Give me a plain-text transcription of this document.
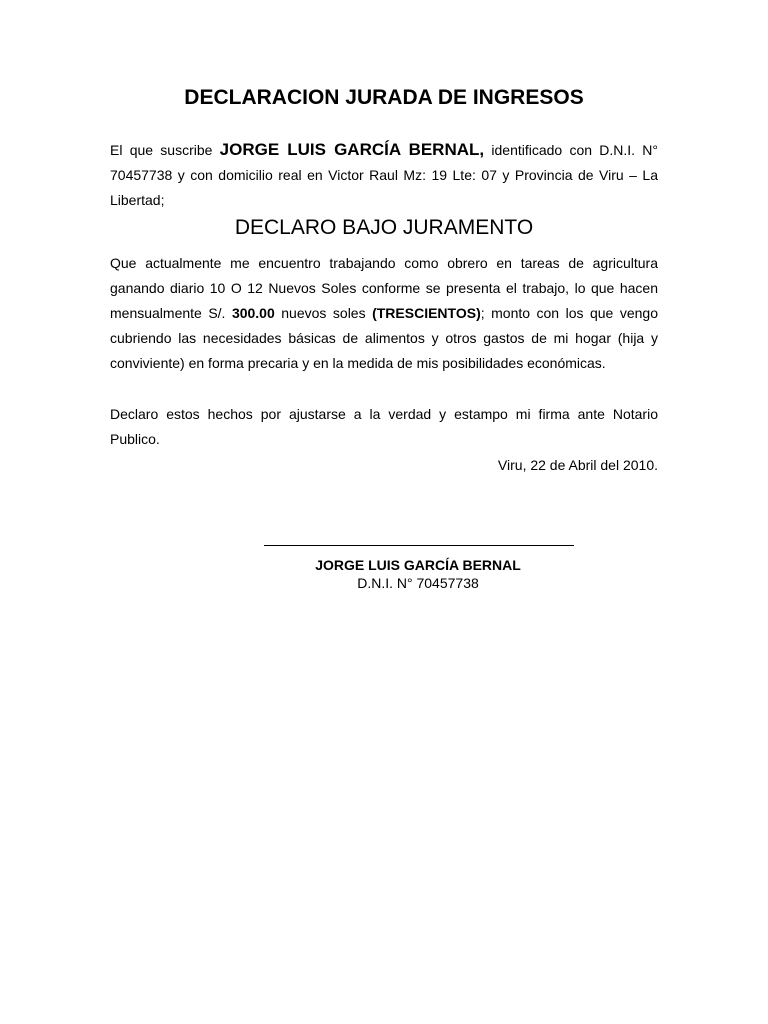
DECLARACION JURADA DE INGRESOS

El que suscribe JORGE LUIS GARCÍA BERNAL, identificado con D.N.I. N° 70457738 y con domicilio real en Victor Raul Mz: 19 Lte: 07 y Provincia de Viru – La Libertad;

DECLARO BAJO JURAMENTO

Que actualmente me encuentro trabajando como obrero en tareas de agricultura ganando diario 10 O 12 Nuevos Soles conforme se presenta el trabajo, lo que hacen mensualmente S/. 300.00 nuevos soles (TRESCIENTOS); monto con los que vengo cubriendo las necesidades básicas de alimentos y otros gastos de mi hogar (hija y conviviente) en forma precaria y en la medida de mis posibilidades económicas.

Declaro estos hechos por ajustarse a la verdad y estampo mi firma ante Notario Publico.

Viru, 22 de Abril del 2010.

JORGE LUIS GARCÍA BERNAL

D.N.I. N° 70457738
